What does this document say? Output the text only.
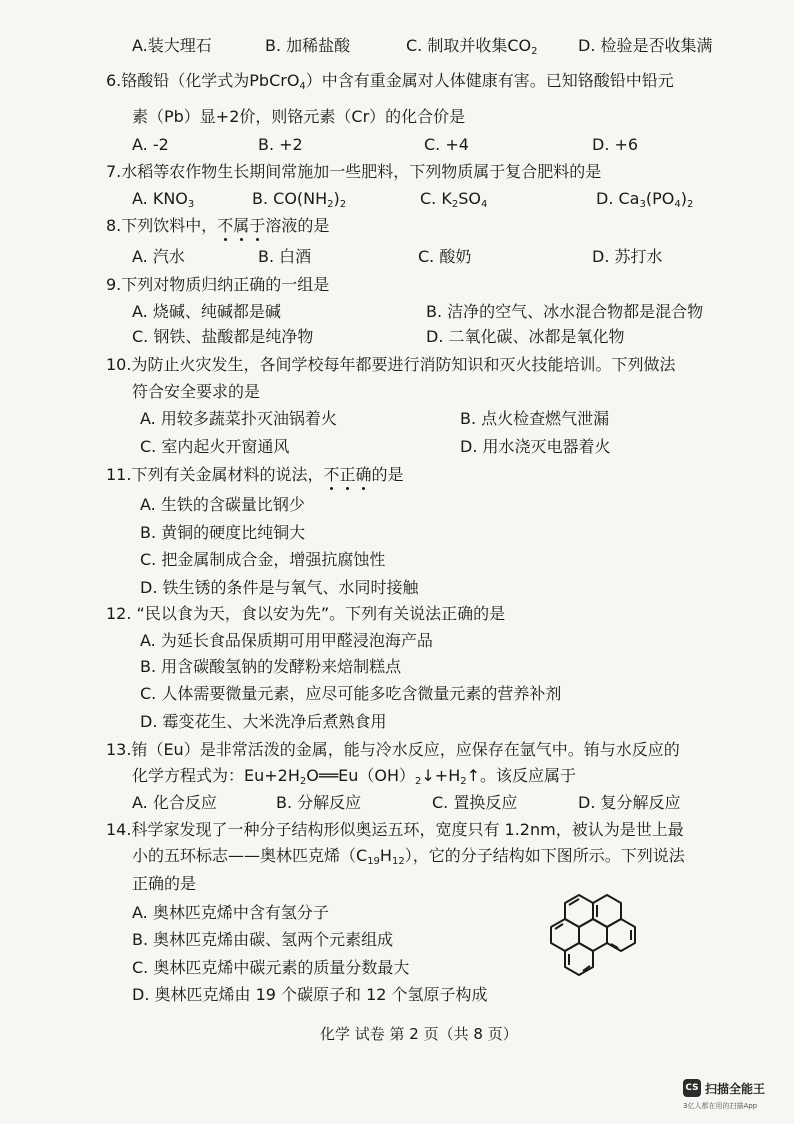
A.装大理石	B. 加稀盐酸	C. 制取并收集$CO_2$	D. 检验是否收集满
6.铬酸铅（化学式为PbCrO$_4$）中含有重金属对人体健康有害。已知铬酸铅中铅元
素（Pb）显+2价，则铬元素（Cr）的化合价是
A. -2	B. +2	C. +4	D. +6
7.水稻等农作物生长期间常施加一些肥料，下列物质属于复合肥料的是
A. $KNO_3$	B. $CO(NH_2)_2$	C. $K_2SO_4$	D. $Ca_3(PO_4)_2$
8.下列饮料中，不属于溶液的是
A. 汽水	B. 白酒	C. 酸奶	D. 苏打水
9.下列对物质归纳正确的一组是
A. 烧碱、纯碱都是碱	B. 洁净的空气、冰水混合物都是混合物
C. 钢铁、盐酸都是纯净物	D. 二氧化碳、冰都是氧化物
10.为防止火灾发生，各间学校每年都要进行消防知识和灭火技能培训。下列做法
符合安全要求的是
A. 用较多蔬菜扑灭油锅着火	B. 点火检查燃气泄漏
C. 室内起火开窗通风	D. 用水浇灭电器着火
11.下列有关金属材料的说法，不正确的是
A. 生铁的含碳量比钢少
B. 黄铜的硬度比纯铜大
C. 把金属制成合金，增强抗腐蚀性
D. 铁生锈的条件是与氧气、水同时接触
12. “民以食为天，食以安为先”。下列有关说法正确的是
A. 为延长食品保质期可用甲醛浸泡海产品
B. 用含碳酸氢钠的发酵粉来焙制糕点
C. 人体需要微量元素，应尽可能多吃含微量元素的营养补剂
D. 霉变花生、大米洗净后煮熟食用
13.铕（Eu）是非常活泼的金属，能与冷水反应，应保存在氩气中。铕与水反应的
化学方程式为：$Eu+2H_2O══Eu(OH)_2↓+H_2↑$。该反应属于
A. 化合反应	B. 分解反应	C. 置换反应	D. 复分解反应
14.科学家发现了一种分子结构形似奥运五环，宽度只有 1.2nm，被认为是世上最
小的五环标志——奥林匹克烯$(C_{19}H_{12})$，它的分子结构如下图所示。下列说法
正确的是
A. 奥林匹克烯中含有氢分子
B. 奥林匹克烯由碳、氢两个元素组成
C. 奥林匹克烯中碳元素的质量分数最大
D. 奥林匹克烯由 19 个碳原子和 12 个氢原子构成
化学 试卷 第 2 页（共 8 页）
CS 扫描全能王
3亿人都在用的扫描App
